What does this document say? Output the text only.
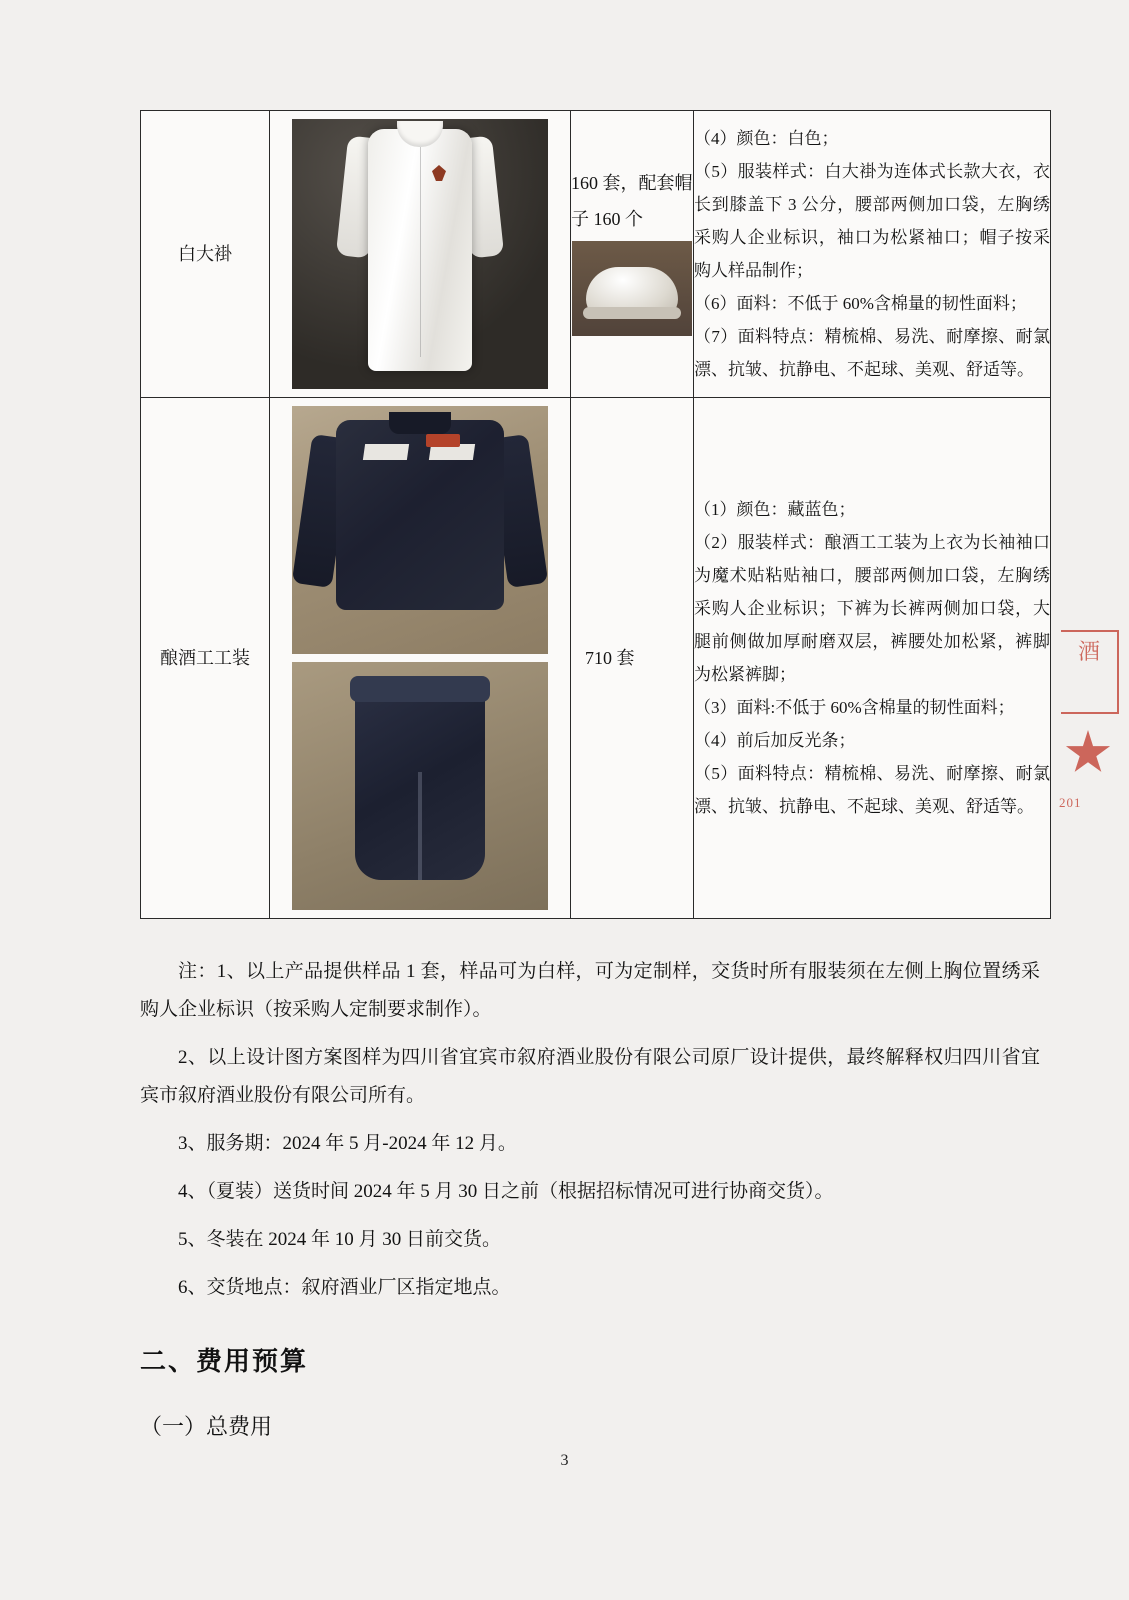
白大褂		160 套，配套帽子 160 个	（4）颜色：白色；

（5）服装样式：白大褂为连体式长款大衣，衣长到膝盖下 3 公分，腰部两侧加口袋，左胸绣采购人企业标识，袖口为松紧袖口；帽子按采购人样品制作；

（6）面料：不低于 60%含棉量的韧性面料；

（7）面料特点：精梳棉、易洗、耐摩擦、耐氯漂、抗皱、抗静电、不起球、美观、舒适等。

酿酒工工装		710 套	（1）颜色：藏蓝色；

（2）服装样式：酿酒工工装为上衣为长袖袖口为魔术贴粘贴袖口，腰部两侧加口袋，左胸绣采购人企业标识；下裤为长裤两侧加口袋，大腿前侧做加厚耐磨双层，裤腰处加松紧，裤脚为松紧裤脚；

（3）面料:不低于 60%含棉量的韧性面料；

（4）前后加反光条；

（5）面料特点：精梳棉、易洗、耐摩擦、耐氯漂、抗皱、抗静电、不起球、美观、舒适等。

注：1、以上产品提供样品 1 套，样品可为白样，可为定制样，交货时所有服装须在左侧上胸位置绣采购人企业标识（按采购人定制要求制作）。

2、以上设计图方案图样为四川省宜宾市叙府酒业股份有限公司原厂设计提供，最终解释权归四川省宜宾市叙府酒业股份有限公司所有。

3、服务期：2024 年 5 月-2024 年 12 月。

4、（夏装）送货时间 2024 年 5 月 30 日之前（根据招标情况可进行协商交货）。

5、冬装在 2024 年 10 月 30 日前交货。

6、交货地点：叙府酒业厂区指定地点。

二、费用预算
（一）总费用
酒
201
3
